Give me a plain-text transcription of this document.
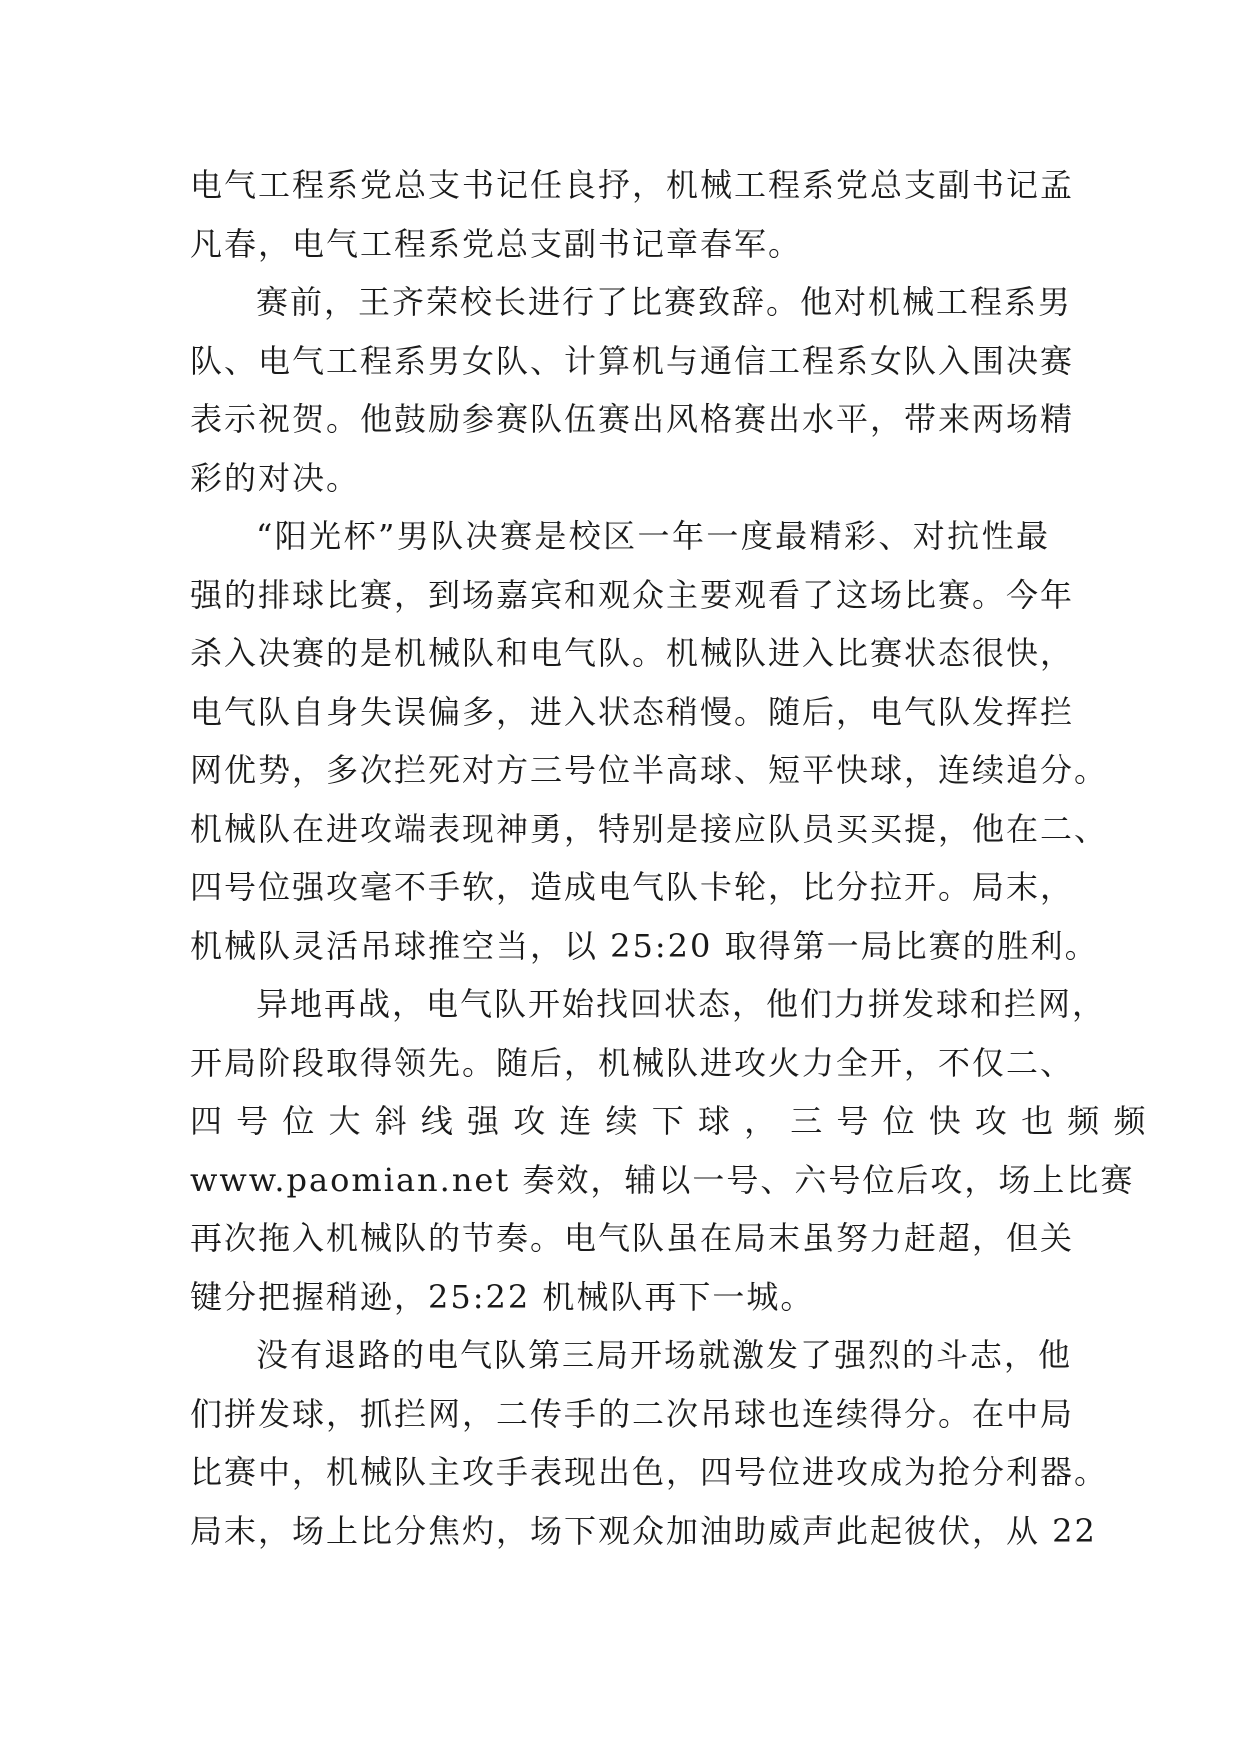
电气工程系党总支书记任良抒，机械工程系党总支副书记孟
凡春，电气工程系党总支副书记章春军。
赛前，王齐荣校长进行了比赛致辞。他对机械工程系男
队、电气工程系男女队、计算机与通信工程系女队入围决赛
表示祝贺。他鼓励参赛队伍赛出风格赛出水平，带来两场精
彩的对决。
“阳光杯”男队决赛是校区一年一度最精彩、对抗性最
强的排球比赛，到场嘉宾和观众主要观看了这场比赛。今年
杀入决赛的是机械队和电气队。机械队进入比赛状态很快，
电气队自身失误偏多，进入状态稍慢。随后，电气队发挥拦
网优势，多次拦死对方三号位半高球、短平快球，连续追分。
机械队在进攻端表现神勇，特别是接应队员买买提，他在二、
四号位强攻毫不手软，造成电气队卡轮，比分拉开。局末，
机械队灵活吊球推空当，以 25:20 取得第一局比赛的胜利。
异地再战，电气队开始找回状态，他们力拼发球和拦网，
开局阶段取得领先。随后，机械队进攻火力全开，不仅二、
四 号 位 大 斜 线 强 攻 连 续 下 球 ， 三 号 位 快 攻 也 频 频
www.paomian.net 奏效，辅以一号、六号位后攻，场上比赛
再次拖入机械队的节奏。电气队虽在局末虽努力赶超，但关
键分把握稍逊，25:22 机械队再下一城。
没有退路的电气队第三局开场就激发了强烈的斗志，他
们拼发球，抓拦网，二传手的二次吊球也连续得分。在中局
比赛中，机械队主攻手表现出色，四号位进攻成为抢分利器。
局末，场上比分焦灼，场下观众加油助威声此起彼伏，从 22
